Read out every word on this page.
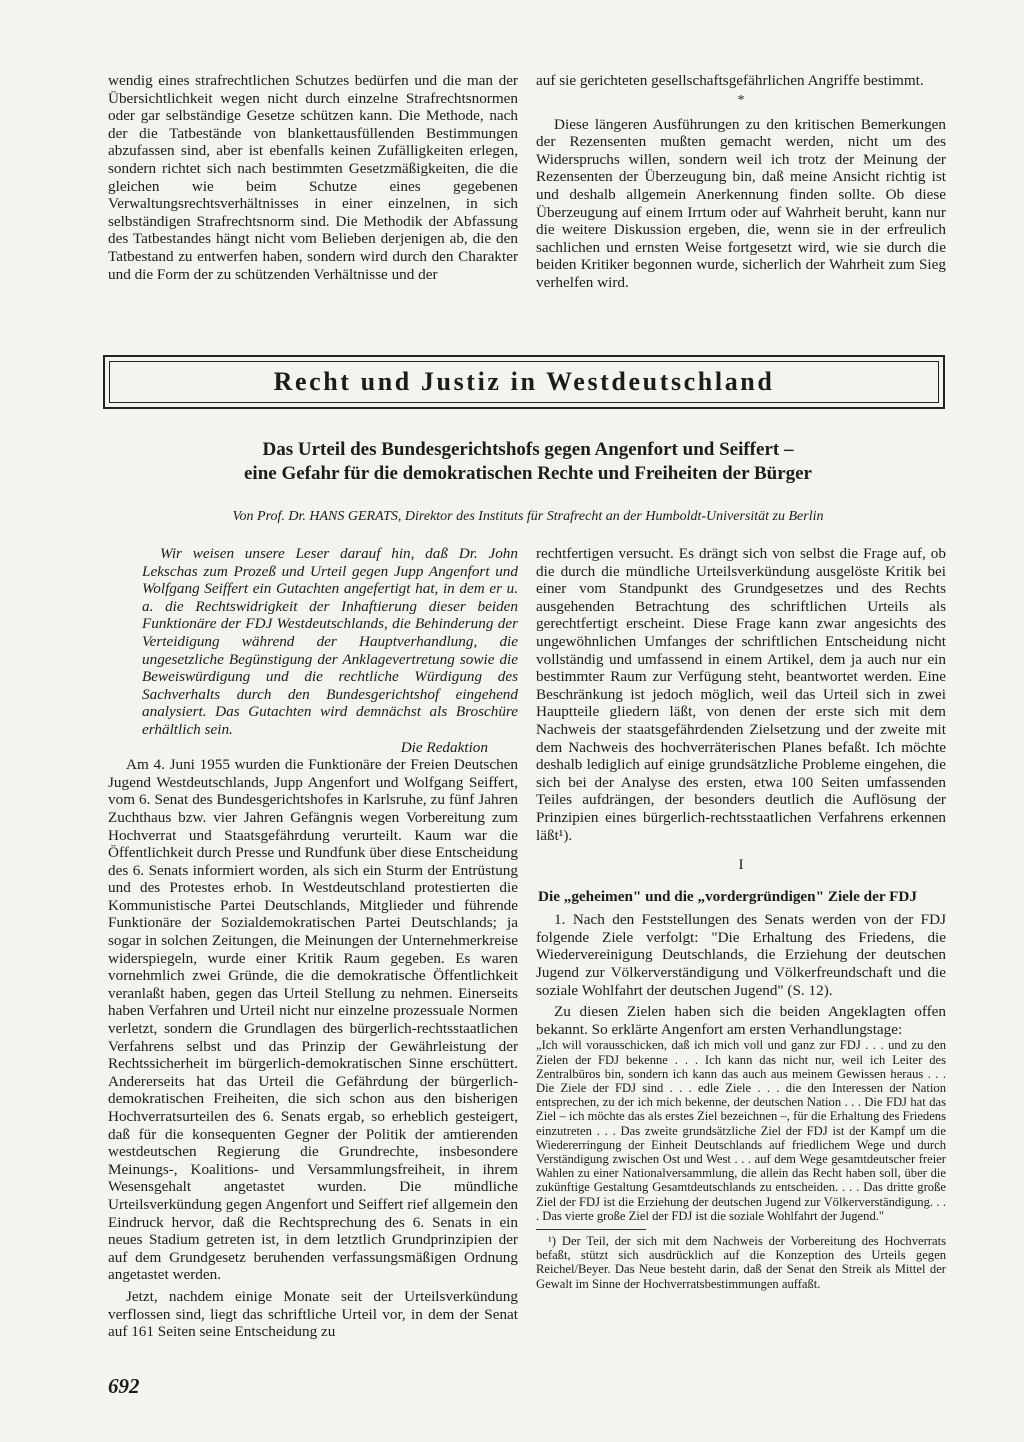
wendig eines strafrechtlichen Schutzes bedürfen und die man der Übersichtlichkeit wegen nicht durch einzelne Strafrechtsnormen oder gar selbständige Gesetze schützen kann. Die Methode, nach der die Tatbestände von blankettausfüllenden Bestimmungen abzufassen sind, aber ist ebenfalls keinen Zufälligkeiten erlegen, sondern richtet sich nach bestimmten Gesetzmäßigkeiten, die die gleichen wie beim Schutze eines gegebenen Verwaltungsrechtsverhältnisses in einer einzelnen, in sich selbständigen Strafrechtsnorm sind. Die Methodik der Abfassung des Tatbestandes hängt nicht vom Belieben derjenigen ab, die den Tatbestand zu entwerfen haben, sondern wird durch den Charakter und die Form der zu schützenden Verhältnisse und der

auf sie gerichteten gesellschaftsgefährlichen Angriffe bestimmt.

*

Diese längeren Ausführungen zu den kritischen Bemerkungen der Rezensenten mußten gemacht werden, nicht um des Widerspruchs willen, sondern weil ich trotz der Meinung der Rezensenten der Überzeugung bin, daß meine Ansicht richtig ist und deshalb allgemein Anerkennung finden sollte. Ob diese Überzeugung auf einem Irrtum oder auf Wahrheit beruht, kann nur die weitere Diskussion ergeben, die, wenn sie in der erfreulich sachlichen und ernsten Weise fortgesetzt wird, wie sie durch die beiden Kritiker begonnen wurde, sicherlich der Wahrheit zum Sieg verhelfen wird.

Recht und Justiz in Westdeutschland
Das Urteil des Bundesgerichtshofs gegen Angenfort und Seiffert –
eine Gefahr für die demokratischen Rechte und Freiheiten der Bürger
Von Prof. Dr. HANS GERATS, Direktor des Instituts für Strafrecht an der Humboldt-Universität zu Berlin

Wir weisen unsere Leser darauf hin, daß Dr. John Lekschas zum Prozeß und Urteil gegen Jupp Angenfort und Wolfgang Seiffert ein Gutachten angefertigt hat, in dem er u. a. die Rechtswidrigkeit der Inhaftierung dieser beiden Funktionäre der FDJ Westdeutschlands, die Behinderung der Verteidigung während der Hauptverhandlung, die ungesetzliche Begünstigung der Anklagevertretung sowie die Beweiswürdigung und die rechtliche Würdigung des Sachverhalts durch den Bundesgerichtshof eingehend analysiert. Das Gutachten wird demnächst als Broschüre erhältlich sein.

Die Redaktion

Am 4. Juni 1955 wurden die Funktionäre der Freien Deutschen Jugend Westdeutschlands, Jupp Angenfort und Wolfgang Seiffert, vom 6. Senat des Bundesgerichtshofes in Karlsruhe, zu fünf Jahren Zuchthaus bzw. vier Jahren Gefängnis wegen Vorbereitung zum Hochverrat und Staatsgefährdung verurteilt. Kaum war die Öffentlichkeit durch Presse und Rundfunk über diese Entscheidung des 6. Senats informiert worden, als sich ein Sturm der Entrüstung und des Protestes erhob. In Westdeutschland protestierten die Kommunistische Partei Deutschlands, Mitglieder und führende Funktionäre der Sozialdemokratischen Partei Deutschlands; ja sogar in solchen Zeitungen, die Meinungen der Unternehmerkreise widerspiegeln, wurde einer Kritik Raum gegeben. Es waren vornehmlich zwei Gründe, die die demokratische Öffentlichkeit veranlaßt haben, gegen das Urteil Stellung zu nehmen. Einerseits haben Verfahren und Urteil nicht nur einzelne prozessuale Normen verletzt, sondern die Grundlagen des bürgerlich-rechtsstaatlichen Verfahrens selbst und das Prinzip der Gewährleistung der Rechtssicherheit im bürgerlich-demokratischen Sinne erschüttert. Andererseits hat das Urteil die Gefährdung der bürgerlich-demokratischen Freiheiten, die sich schon aus den bisherigen Hochverratsurteilen des 6. Senats ergab, so erheblich gesteigert, daß für die konsequenten Gegner der Politik der amtierenden westdeutschen Regierung die Grundrechte, insbesondere Meinungs-, Koalitions- und Versammlungsfreiheit, in ihrem Wesensgehalt angetastet wurden. Die mündliche Urteilsverkündung gegen Angenfort und Seiffert rief allgemein den Eindruck hervor, daß die Rechtsprechung des 6. Senats in ein neues Stadium getreten ist, in dem letztlich Grundprinzipien der auf dem Grundgesetz beruhenden verfassungsmäßigen Ordnung angetastet werden.

Jetzt, nachdem einige Monate seit der Urteilsverkündung verflossen sind, liegt das schriftliche Urteil vor, in dem der Senat auf 161 Seiten seine Entscheidung zu

rechtfertigen versucht. Es drängt sich von selbst die Frage auf, ob die durch die mündliche Urteilsverkündung ausgelöste Kritik bei einer vom Standpunkt des Grundgesetzes und des Rechts ausgehenden Betrachtung des schriftlichen Urteils als gerechtfertigt erscheint. Diese Frage kann zwar angesichts des ungewöhnlichen Umfanges der schriftlichen Entscheidung nicht vollständig und umfassend in einem Artikel, dem ja auch nur ein bestimmter Raum zur Verfügung steht, beantwortet werden. Eine Beschränkung ist jedoch möglich, weil das Urteil sich in zwei Hauptteile gliedern läßt, von denen der erste sich mit dem Nachweis der staatsgefährdenden Zielsetzung und der zweite mit dem Nachweis des hochverräterischen Planes befaßt. Ich möchte deshalb lediglich auf einige grundsätzliche Probleme eingehen, die sich bei der Analyse des ersten, etwa 100 Seiten umfassenden Teiles aufdrängen, der besonders deutlich die Auflösung der Prinzipien eines bürgerlich-rechtsstaatlichen Verfahrens erkennen läßt¹).

I
Die „geheimen" und die „vordergründigen" Ziele der FDJ

1. Nach den Feststellungen des Senats werden von der FDJ folgende Ziele verfolgt: "Die Erhaltung des Friedens, die Wiedervereinigung Deutschlands, die Erziehung der deutschen Jugend zur Völkerverständigung und Völkerfreundschaft und die soziale Wohlfahrt der deutschen Jugend" (S. 12).

Zu diesen Zielen haben sich die beiden Angeklagten offen bekannt. So erklärte Angenfort am ersten Verhandlungstage:

„Ich will vorausschicken, daß ich mich voll und ganz zur FDJ . . . und zu den Zielen der FDJ bekenne . . . Ich kann das nicht nur, weil ich Leiter des Zentralbüros bin, sondern ich kann das auch aus meinem Gewissen heraus . . . Die Ziele der FDJ sind . . . edle Ziele . . . die den Interessen der Nation entsprechen, zu der ich mich bekenne, der deutschen Nation . . . Die FDJ hat das Ziel – ich möchte das als erstes Ziel bezeichnen –, für die Erhaltung des Friedens einzutreten . . . Das zweite grundsätzliche Ziel der FDJ ist der Kampf um die Wiedererringung der Einheit Deutschlands auf friedlichem Wege und durch Verständigung zwischen Ost und West . . . auf dem Wege gesamtdeutscher freier Wahlen zu einer Nationalversammlung, die allein das Recht haben soll, über die zukünftige Gestaltung Gesamtdeutschlands zu entscheiden. . . . Das dritte große Ziel der FDJ ist die Erziehung der deutschen Jugend zur Völkerverständigung. . . . Das vierte große Ziel der FDJ ist die soziale Wohlfahrt der Jugend."

¹) Der Teil, der sich mit dem Nachweis der Vorbereitung des Hochverrats befaßt, stützt sich ausdrücklich auf die Konzeption des Urteils gegen Reichel/Beyer. Das Neue besteht darin, daß der Senat den Streik als Mittel der Gewalt im Sinne der Hochverratsbestimmungen auffaßt.

692
